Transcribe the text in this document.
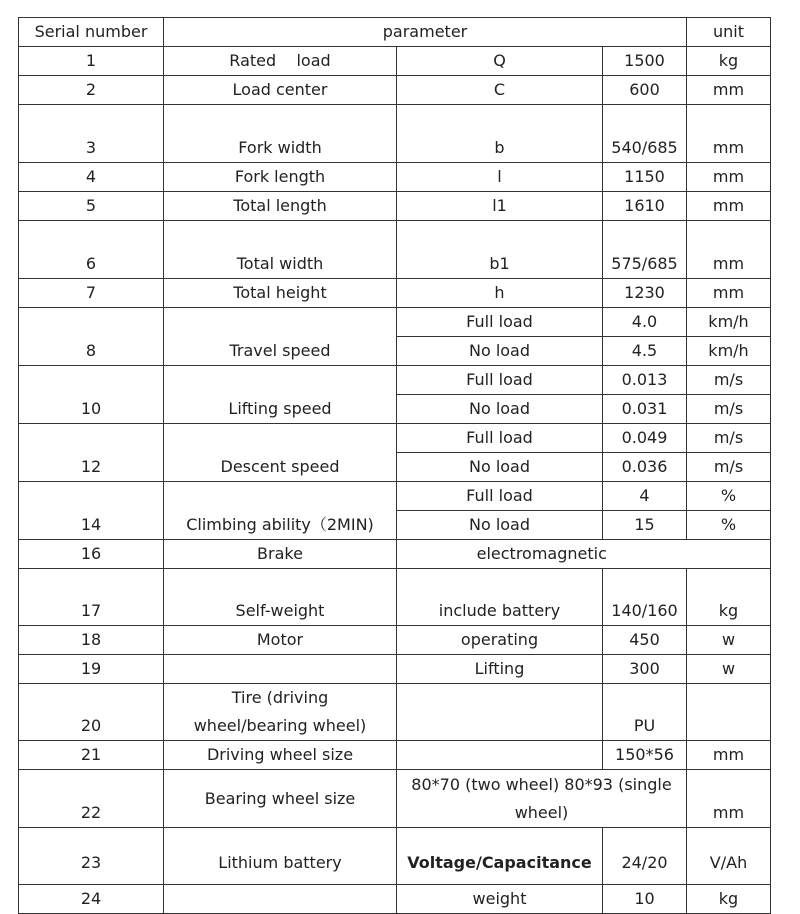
Serial number	parameter			unit
1	Rated    load	Q	1500	kg
2	Load center	C	600	mm
3	Fork width	b	540/685	mm
4	Fork length	l	1150	mm
5	Total length	l1	1610	mm
6	Total width	b1	575/685	mm
7	Total height	h	1230	mm
8	Travel speed	Full load	4.0	km/h
		No load	4.5	km/h
10	Lifting speed	Full load	0.013	m/s
		No load	0.031	m/s
12	Descent speed	Full load	0.049	m/s
		No load	0.036	m/s
14	Climbing ability（2MIN)	Full load	4	%
		No load	15	%
16	Brake	electromagnetic		
17	Self-weight	include battery	140/160	kg
18	Motor	operating	450	w
19		Lifting	300	w
20	Tire (driving wheel/bearing wheel)		PU	
21	Driving wheel size		150*56	mm
22	Bearing wheel size	80*70 (two wheel) 80*93 (single wheel)		mm
23	Lithium battery	Voltage/Capacitance	24/20	V/Ah
24		weight	10	kg
